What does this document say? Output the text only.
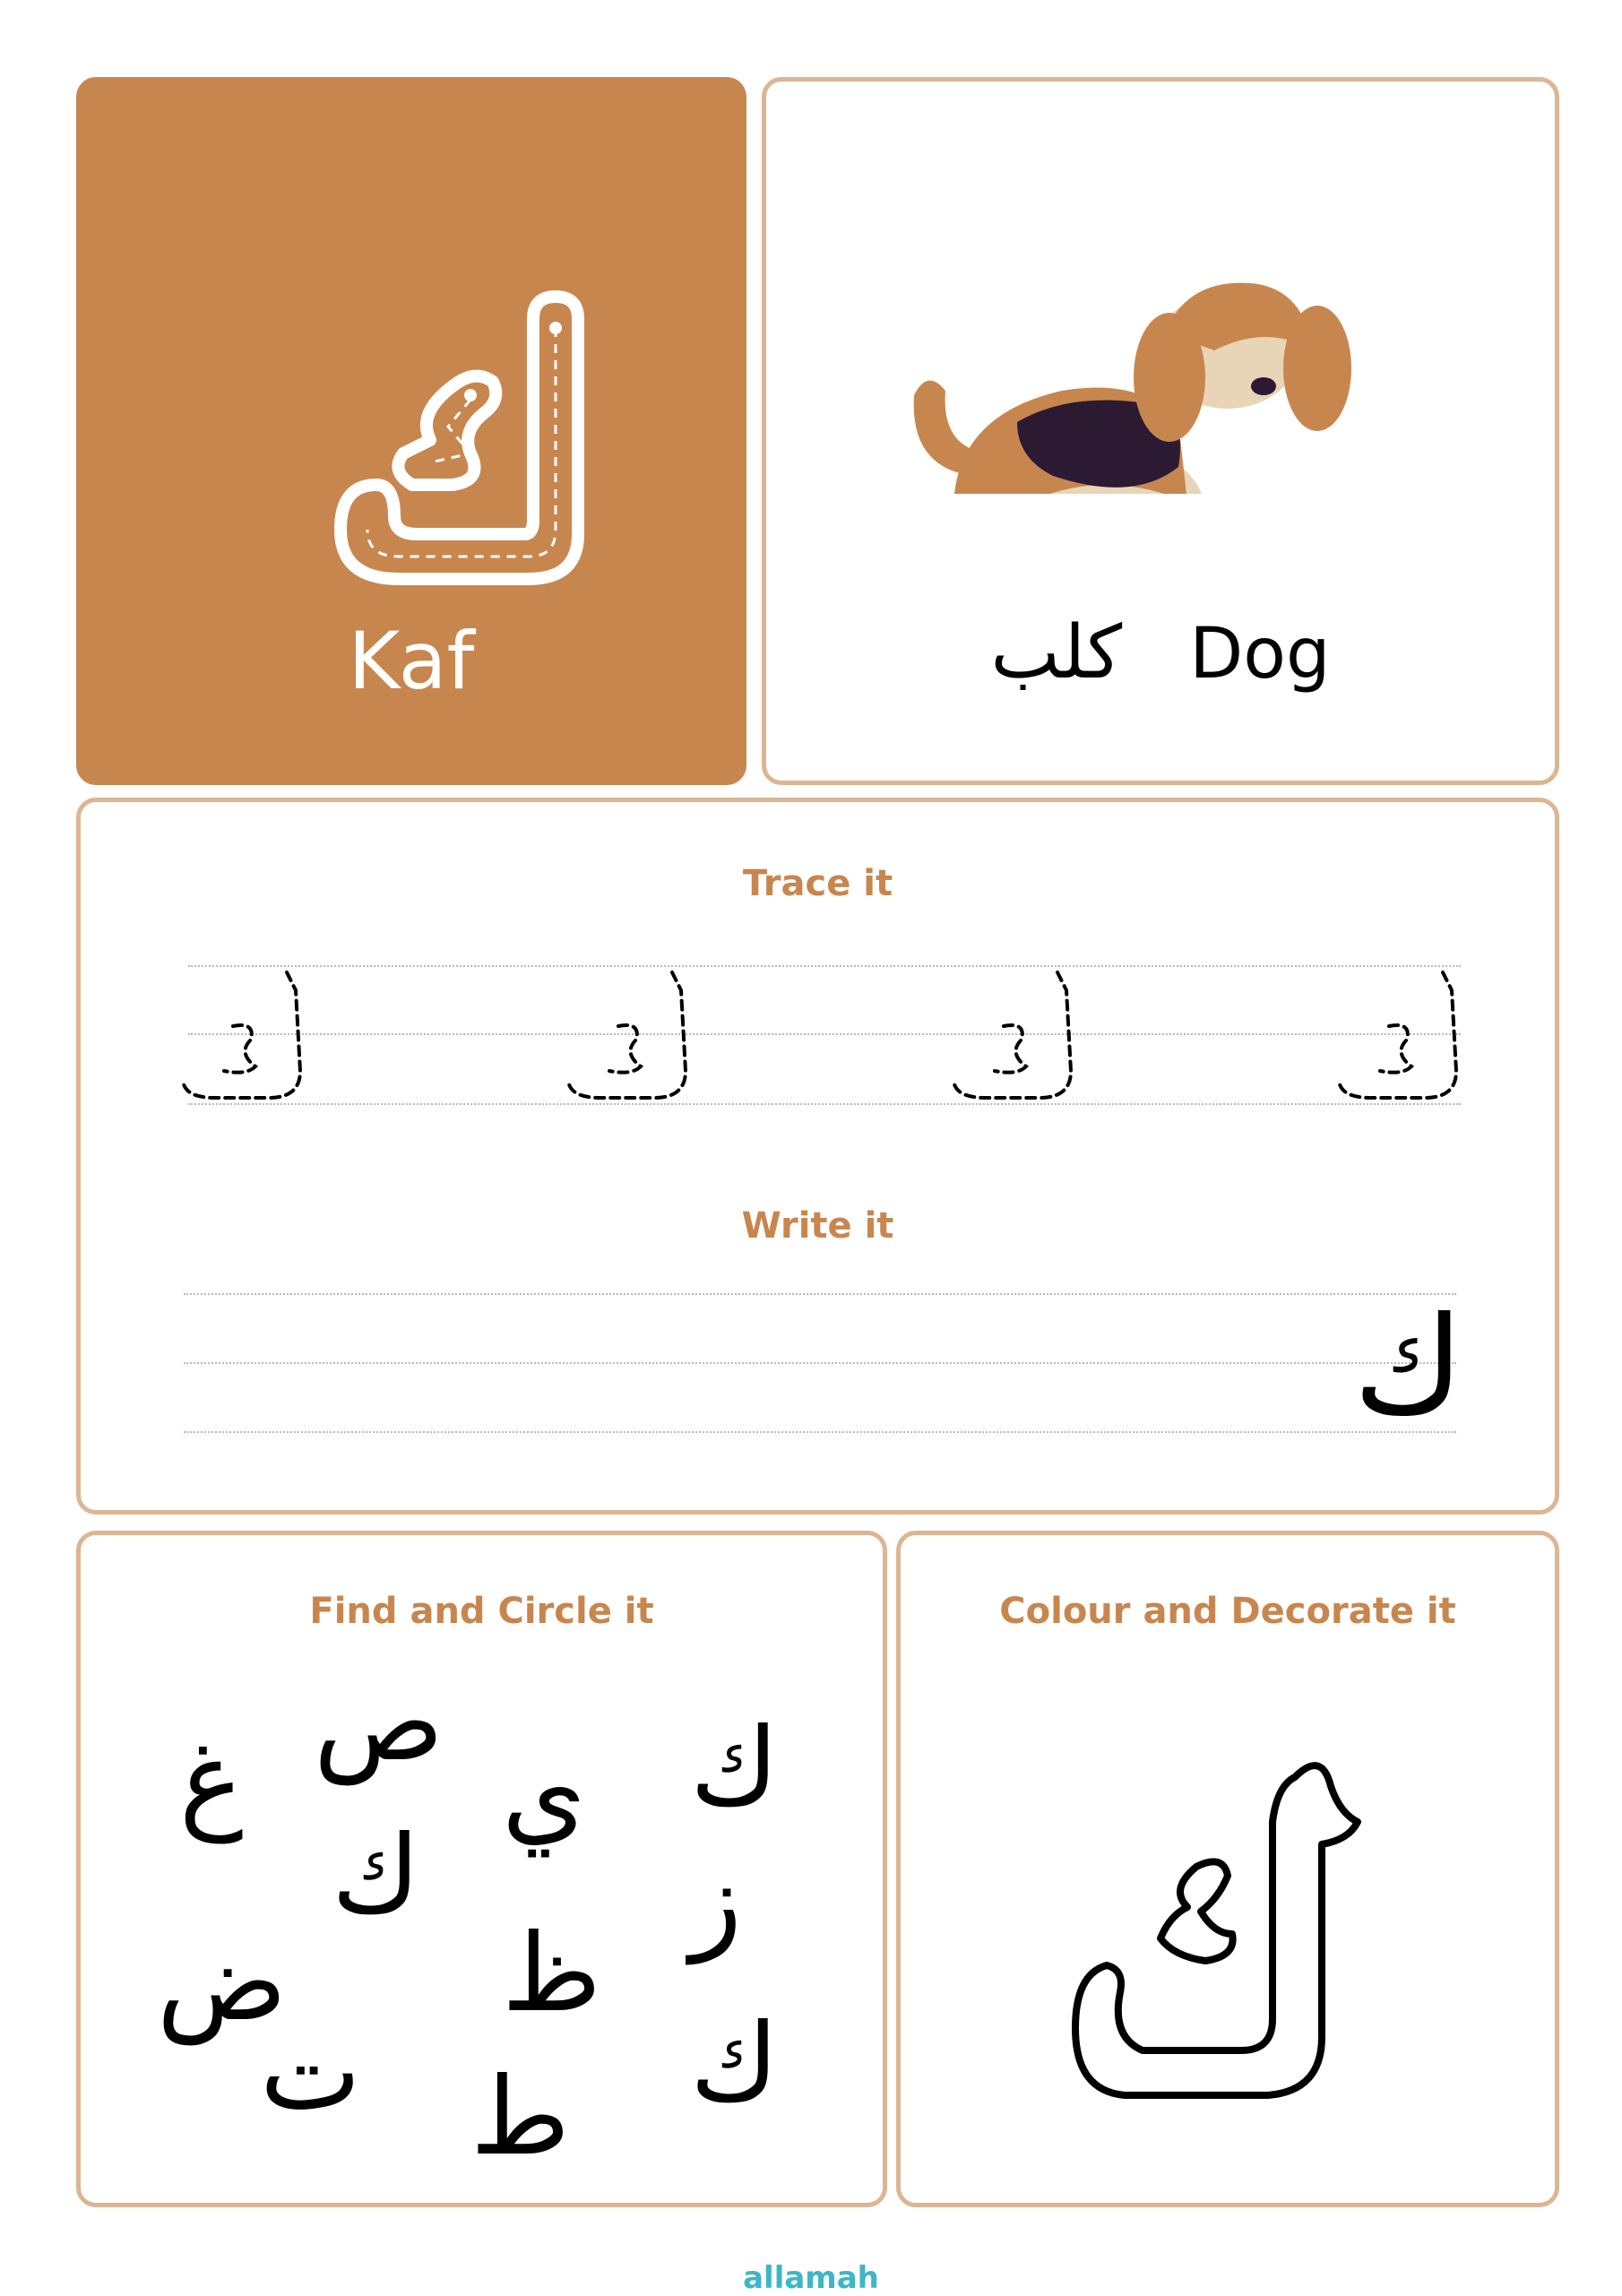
Kaf	كلب Dog
Trace it
Write it
ك
Find and Circle it
ص
غ ي ك
ك	ز
ض ظ
ت	ك
ط
Colour and Decorate it
allamah
